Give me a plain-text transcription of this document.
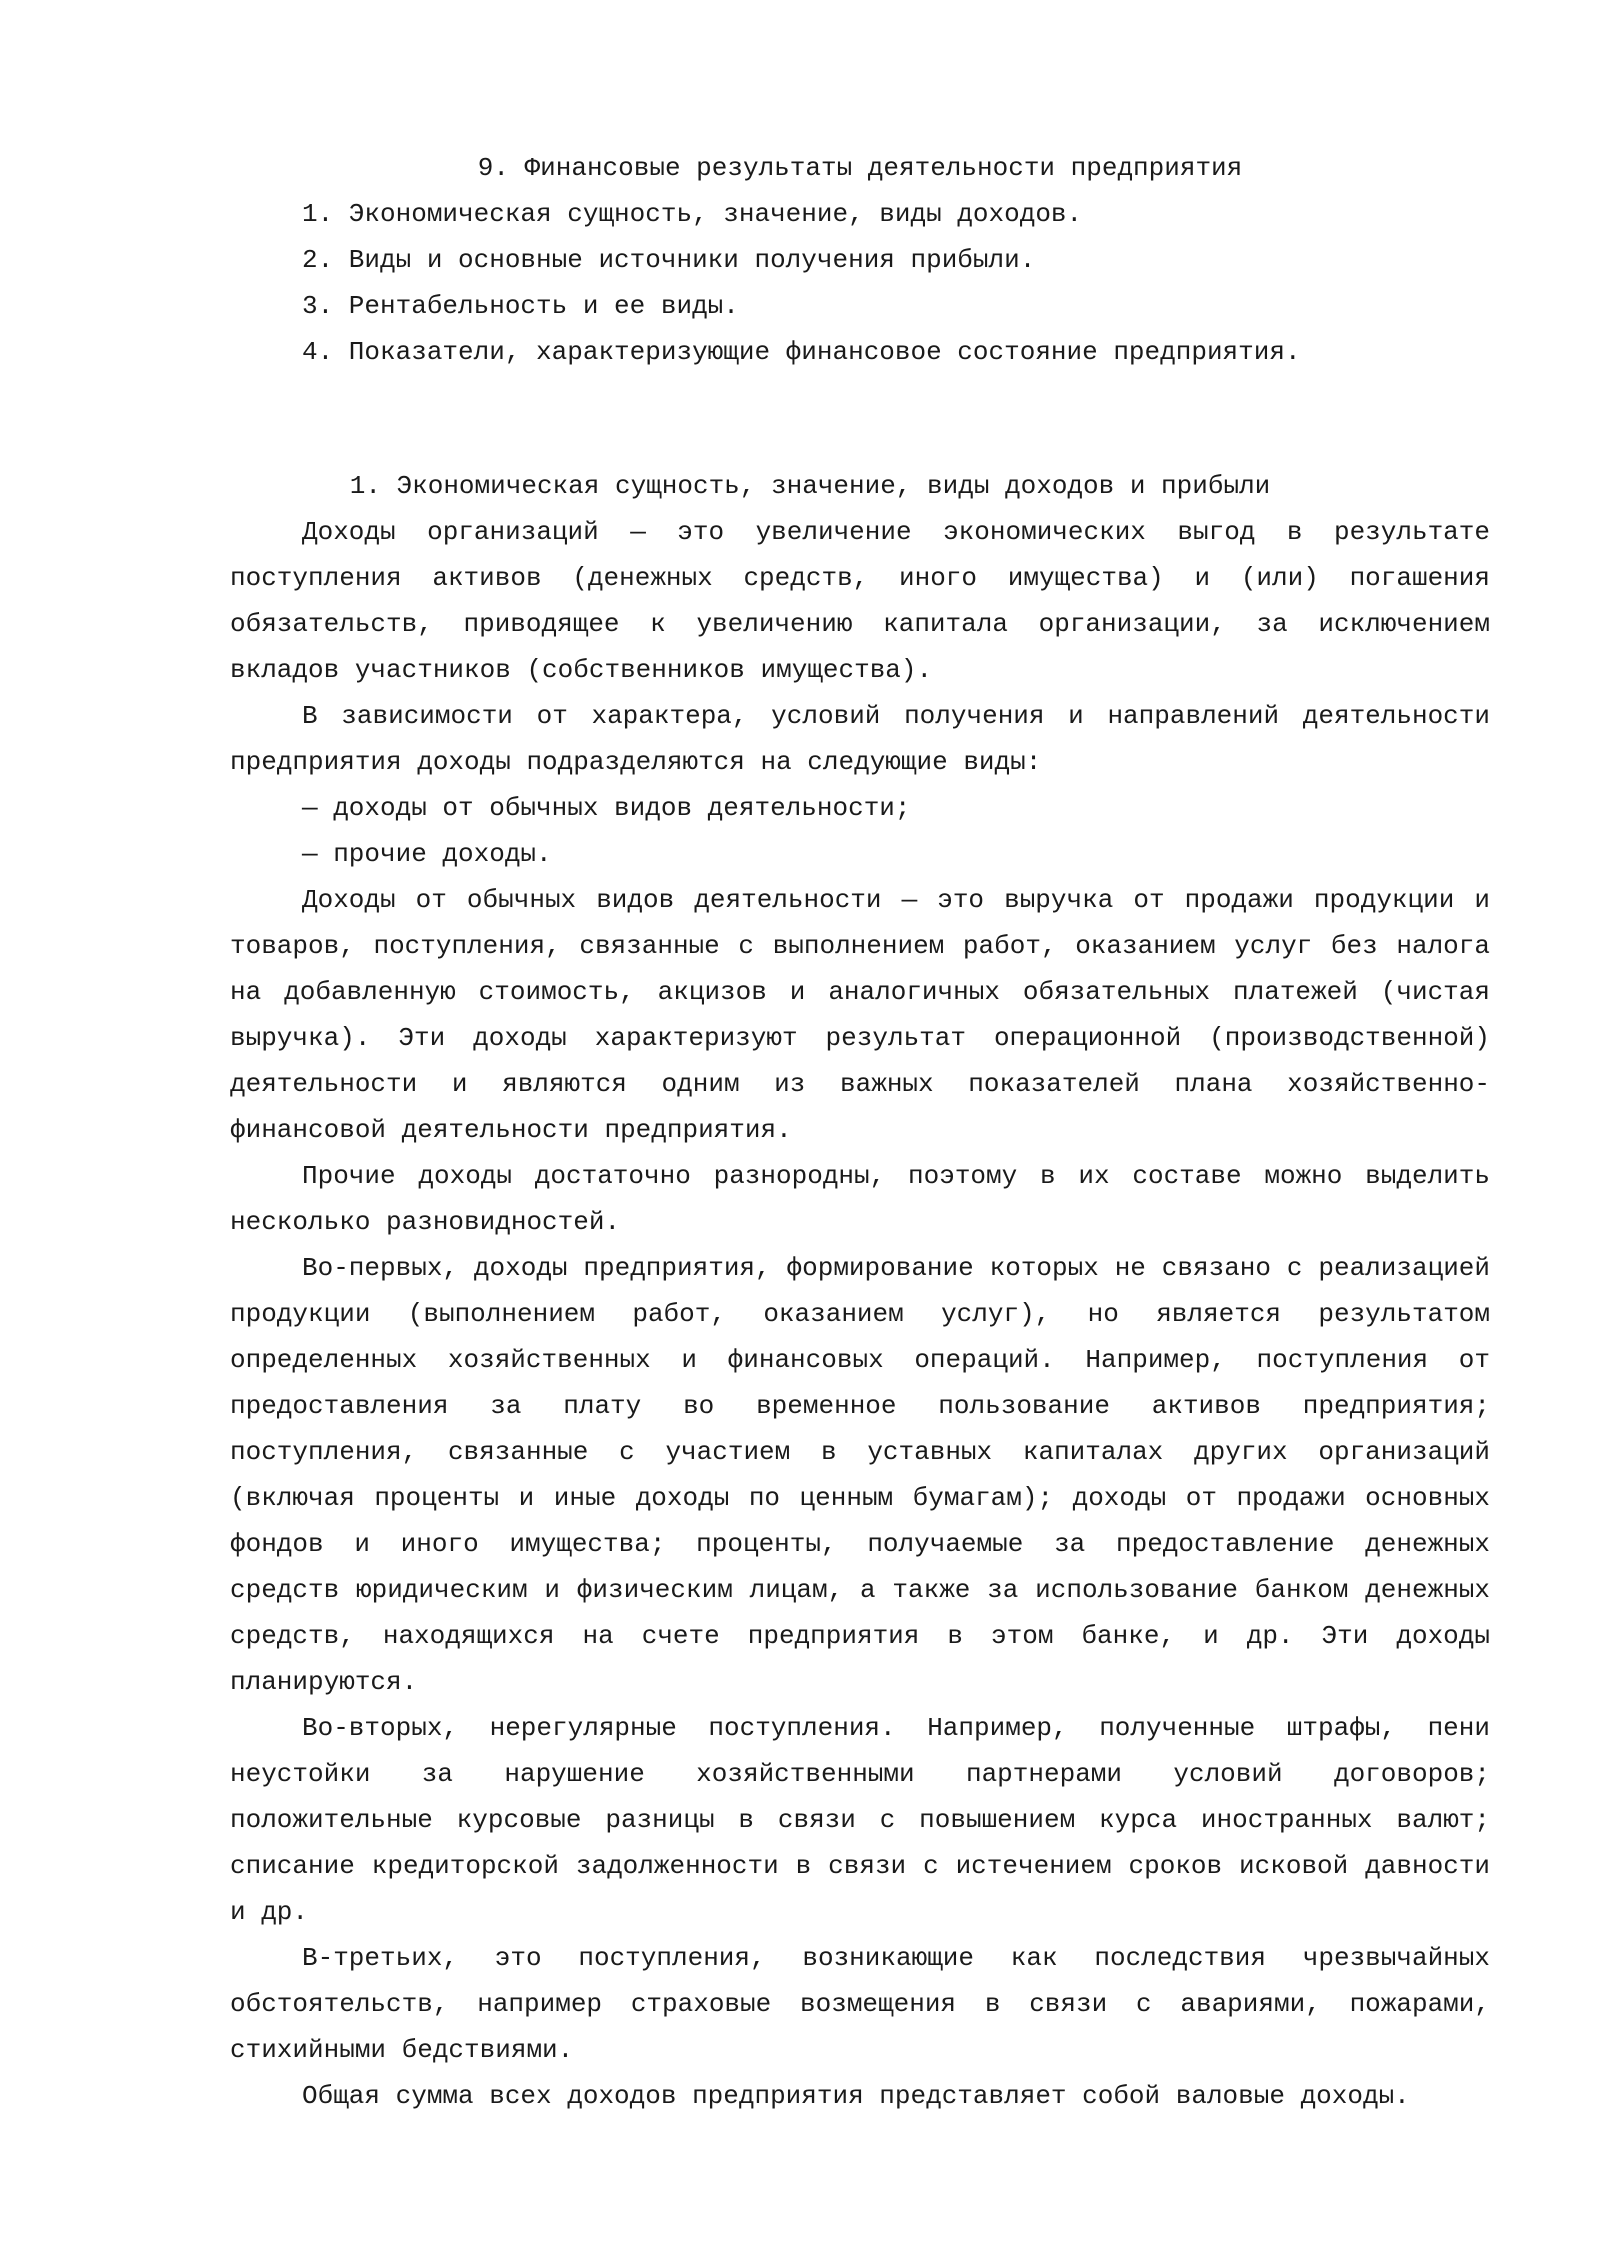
9. Финансовые результаты деятельности предприятия
1. Экономическая сущность, значение, виды доходов.
2. Виды и основные источники получения прибыли.
3. Рентабельность и ее виды.
4. Показатели, характеризующие финансовое состояние предприятия.
1. Экономическая сущность, значение, виды доходов и прибыли

Доходы организаций — это увеличение экономических выгод в результате поступления активов (денежных средств, иного имущества) и (или) погашения обязательств, приводящее к увеличению капитала организации, за исключением вкладов участников (собственников имущества).

В зависимости от характера, условий получения и направлений деятельности предприятия доходы подразделяются на следующие виды:

— доходы от обычных видов деятельности;

— прочие доходы.

Доходы от обычных видов деятельности — это выручка от продажи продукции и товаров, поступления, связанные с выполнением работ, оказанием услуг без налога на добавленную стоимость, акцизов и аналогичных обязательных платежей (чистая выручка). Эти доходы характеризуют результат операционной (производственной) деятельности и являются одним из важных показателей плана хозяйственно-финансовой деятельности предприятия.

Прочие доходы достаточно разнородны, поэтому в их составе можно выделить несколько разновидностей.

Во-первых, доходы предприятия, формирование которых не связано с реализацией продукции (выполнением работ, оказанием услуг), но является результатом определенных хозяйственных и финансовых операций. Например, поступления от предоставления за плату во временное пользование активов предприятия; поступления, связанные с участием в уставных капиталах других организаций (включая проценты и иные доходы по ценным бумагам); доходы от продажи основных фондов и иного имущества; проценты, получаемые за предоставление денежных средств юридическим и физическим лицам, а также за использование банком денежных средств, находящихся на счете предприятия в этом банке, и др. Эти доходы планируются.

Во-вторых, нерегулярные поступления. Например, полученные штрафы, пени неустойки за нарушение хозяйственными партнерами условий договоров; положительные курсовые разницы в связи с повышением курса иностранных валют; списание кредиторской задолженности в связи с истечением сроков исковой давности и др.

В-третьих, это поступления, возникающие как последствия чрезвычайных обстоятельств, например страховые возмещения в связи с авариями, пожарами, стихийными бедствиями.

Общая сумма всех доходов предприятия представляет собой валовые доходы.
